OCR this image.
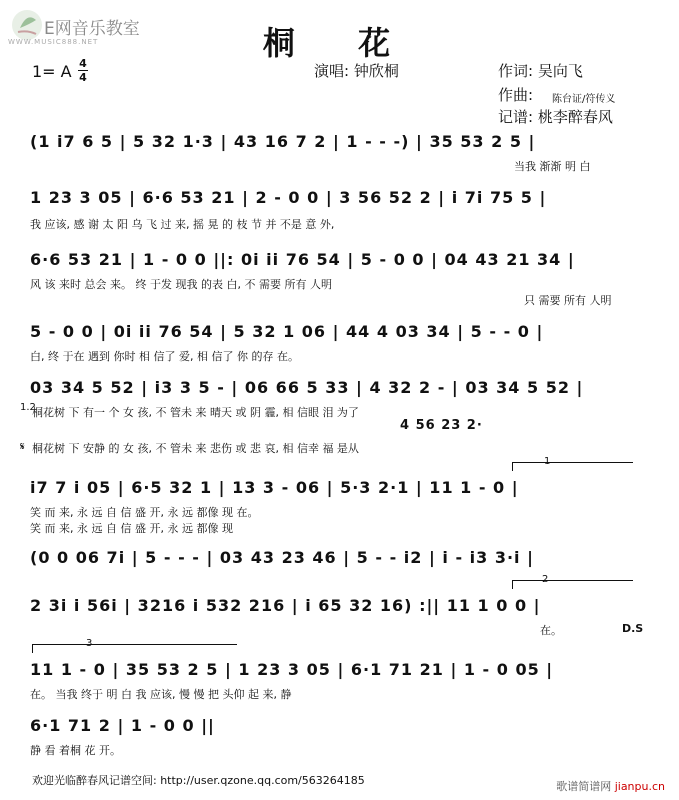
E网音乐教室
WWW.MUSIC888.NET	桐 花
1= A 4
4	演唱: 钟欣桐	作词: 吴向飞
作曲: 陈台证/符传义
记谱: 桃李醉春风
(1 i7 6 5 | 5 32 1·3 | 43 16 7 2 | 1 - - -) | 35 53 2 5 |
当我 渐渐 明 白
1 23 3 05 | 6·6 53 21 | 2 - 0 0 | 3 56 52 2 | i 7i 75 5 |
我 应该, 感 谢 太 阳 乌 飞 过 来, 摇 晃 的 枝 节 并 不是 意 外,
6·6 53 21 | 1 - 0 0 ||: 0i ii 76 54 | 5 - 0 0 | 04 43 21 34 |
风 该 来时 总会 来。 终 于发 现我 的表 白, 不 需要 所有 人明
只 需要 所有 人明
5 - 0 0 | 0i ii 76 54 | 5 32 1 06 | 44 4 03 34 | 5 - - 0 |
白, 终 于在 遇到 你时 相 信了 爱, 相 信了 你 的存 在。
03 34 5 52 | i3 3 5 - | 06 66 5 33 | 4 32 2 - | 03 34 5 52 |
1.2
桐花树 下 有一 个 女 孩, 不 管未 来 晴天 或 阴 霾, 相 信眼 泪 为了
4 56 23 2·
𝄋 桐花树 下 安静 的 女 孩, 不 管未 来 悲伤 或 悲 哀, 相 信幸 福 是从
1
i7 7 i 05 | 6·5 32 1 | 13 3 - 06 | 5·3 2·1 | 11 1 - 0 |
笑 而 来, 永 远 自 信 盛 开, 永 远 都像 现 在。
笑 而 来, 永 远 自 信 盛 开, 永 远 都像 现
(0 0 06 7i | 5 - - - | 03 43 23 46 | 5 - - i2 | i - i3 3·i |
2
2 3i i 56i | 3216 i 532 216 | i 65 32 16) :|| 11 1 0 0 |
在。	D.S
3
11 1 - 0 | 35 53 2 5 | 1 23 3 05 | 6·1 71 21 | 1 - 0 05 |
在。 当我 终于 明 白 我 应该, 慢 慢 把 头仰 起 来, 静
6·1 71 2 | 1 - 0 0 ||
静 看 着桐 花 开。
欢迎光临醉春风记谱空间: http://user.qzone.qq.com/563264185	歌谱简谱网 jianpu.cn
